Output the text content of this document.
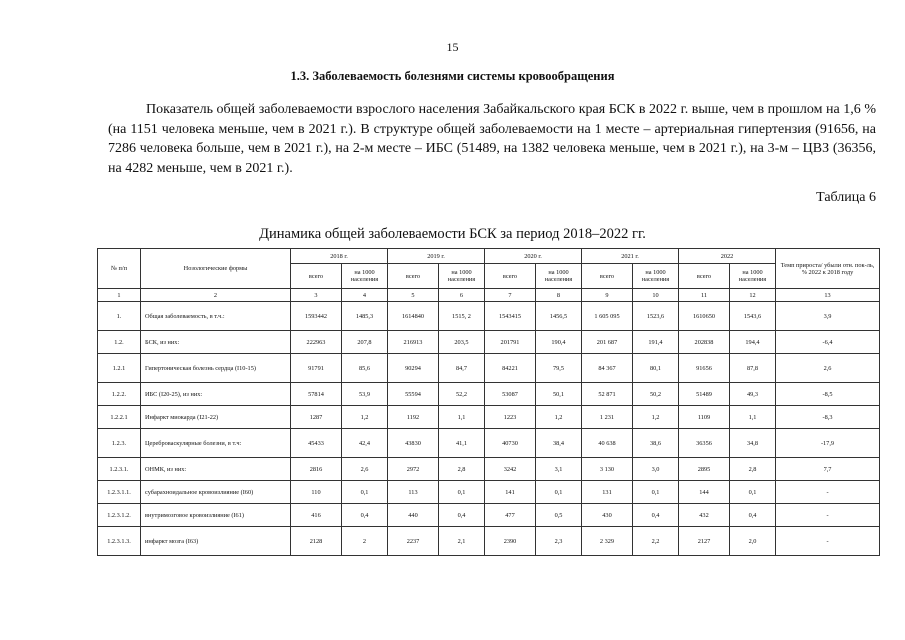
15
1.3. Заболеваемость болезнями системы кровообращения
Показатель общей заболеваемости взрослого населения Забайкальского края БСК в 2022 г. выше, чем в прошлом на 1,6 % (на 1151 человека меньше, чем в 2021 г.). В структуре общей заболеваемости на 1 месте – артериальная гипертензия (91656, на 7286 человека больше, чем в 2021 г.), на 2-м месте – ИБС (51489, на 1382 человека меньше, чем в 2021 г.), на 3-м – ЦВЗ (36356, на 4282 меньше, чем в 2021 г.).
Таблица 6
Динамика общей заболеваемости БСК за период 2018–2022 гг.
№ п/п	Нозологические формы	2018 г.		2019 г.		2020 г.		2021 г.		2022		Темп прироста/ убыли отн. пок-ль, % 2022 к 2018 году
		всего	на 1000 населения	всего	на 1000 населения	всего	на 1000 населения	всего	на 1000 населения	всего	на 1000 населения	
1	2	3	4	5	6	7	8	9	10	11	12	13
1.	Общая заболеваемость, в т.ч.:	1593442	1485,3	1614840	1515, 2	1543415	1456,5	1 605 095	1523,6	1610650	1543,6	3,9
1.2.	БСК, из них:	222963	207,8	216913	203,5	201791	190,4	201 687	191,4	202838	194,4	-6,4
1.2.1	Гипертоническая болезнь сердца (I10-15)	91791	85,6	90294	84,7	84221	79,5	84 367	80,1	91656	87,8	2,6
1.2.2.	ИБС (I20-25), из них:	57814	53,9	55594	52,2	53087	50,1	52 871	50,2	51489	49,3	-8,5
1.2.2.1	Инфаркт миокарда (I21-22)	1287	1,2	1192	1,1	1223	1,2	1 231	1,2	1109	1,1	-8,3
1.2.3.	Цереброваскулярные болезни, в т.ч:	45433	42,4	43830	41,1	40730	38,4	40 638	38,6	36356	34,8	-17,9
1.2.3.1.	ОНМК, из них:	2816	2,6	2972	2,8	3242	3,1	3 130	3,0	2895	2,8	7,7
1.2.3.1.1.	субарахноидальное кровоизлияние (I60)	110	0,1	113	0,1	141	0,1	131	0,1	144	0,1	-
1.2.3.1.2.	внутримозговое кровоизлияние (I61)	416	0,4	440	0,4	477	0,5	430	0,4	432	0,4	-
1.2.3.1.3.	инфаркт мозга (I63)	2128	2	2237	2,1	2390	2,3	2 329	2,2	2127	2,0	-
